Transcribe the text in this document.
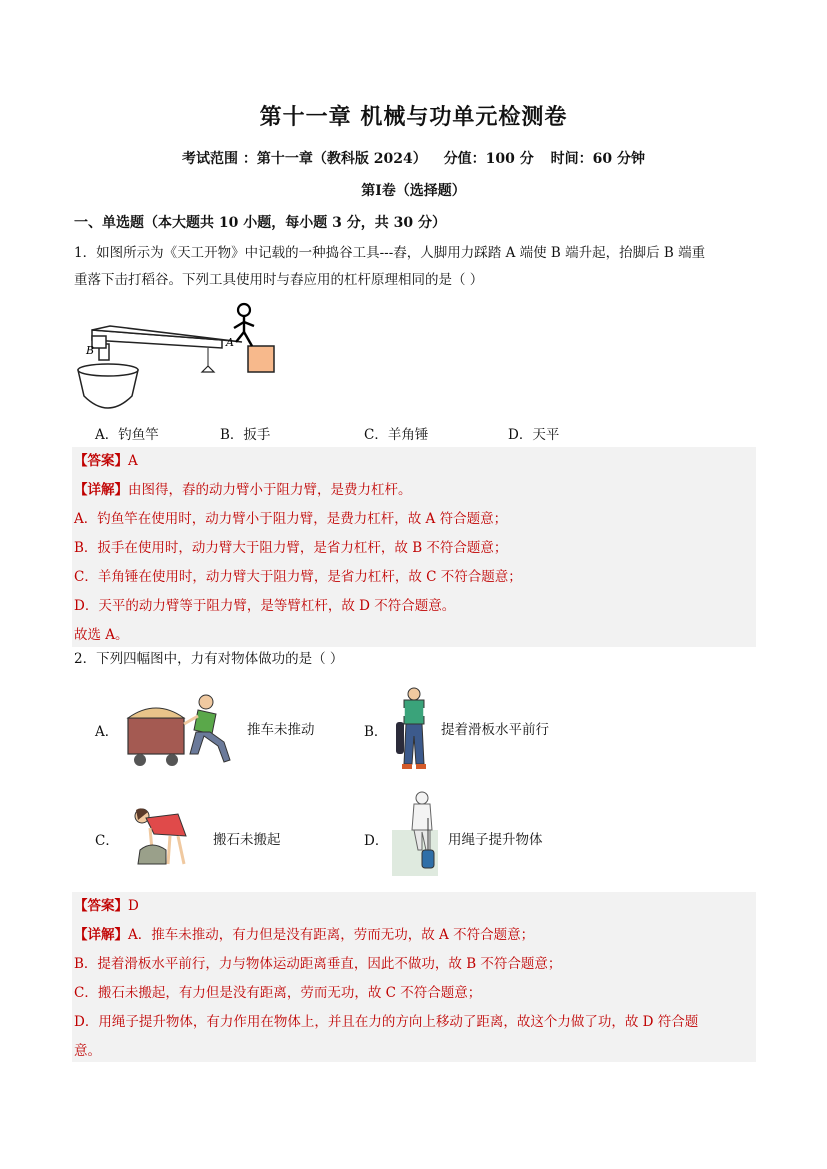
第十一章 机械与功单元检测卷
考试范围 ：第十一章（教科版 2024） 分值：100 分 时间：60 分钟
第Ⅰ卷（选择题）
一、单选题（本大题共 10 小题，每小题 3 分，共 30 分）
1．如图所示为《天工开物》中记载的一种捣谷工具---舂，人脚用力踩踏 A 端使 B 端升起，抬脚后 B 端重
重落下击打稻谷。下列工具使用时与舂应用的杠杆原理相同的是（ ）
B
A
A．钓鱼竿	B．扳手	C．羊角锤	D．天平
【答案】A
【详解】由图得，舂的动力臂小于阻力臂，是费力杠杆。
A．钓鱼竿在使用时，动力臂小于阻力臂，是费力杠杆，故 A 符合题意；
B．扳手在使用时，动力臂大于阻力臂，是省力杠杆，故 B 不符合题意；
C．羊角锤在使用时，动力臂大于阻力臂，是省力杠杆，故 C 不符合题意；
D．天平的动力臂等于阻力臂，是等臂杠杆，故 D 不符合题意。
故选 A。
2．下列四幅图中，力有对物体做功的是（ ）
A．	推车未推动	B．	提着滑板水平前行
C．	搬石未搬起	D．	用绳子提升物体
【答案】D
【详解】A．推车未推动，有力但是没有距离，劳而无功，故 A 不符合题意；
B．提着滑板水平前行，力与物体运动距离垂直，因此不做功，故 B 不符合题意；
C．搬石未搬起，有力但是没有距离，劳而无功，故 C 不符合题意；
D．用绳子提升物体，有力作用在物体上，并且在力的方向上移动了距离，故这个力做了功，故 D 符合题
意。
